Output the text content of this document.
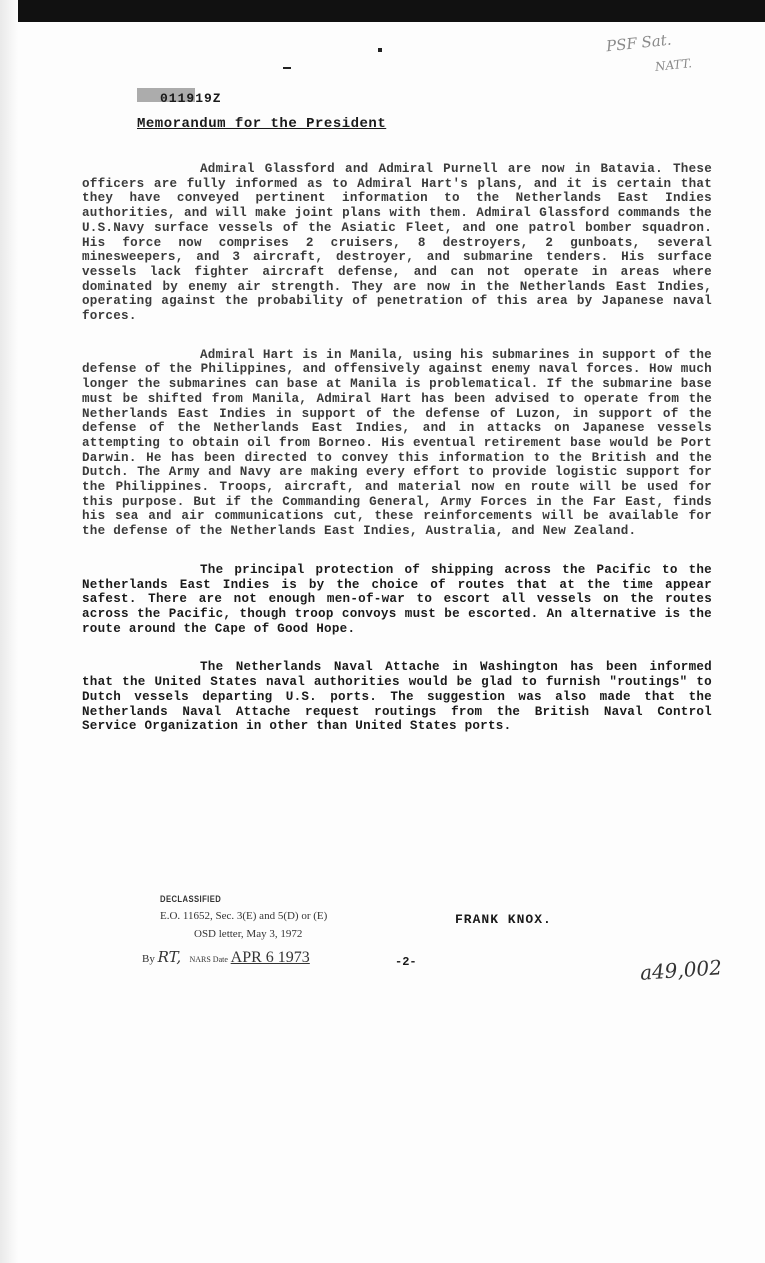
PSF Sat.
NATT.
011919Z
Memorandum for the President

Admiral Glassford and Admiral Purnell are now in Batavia. These officers are fully informed as to Admiral Hart's plans, and it is certain that they have conveyed pertinent information to the Netherlands East Indies authorities, and will make joint plans with them. Admiral Glassford commands the U.S.Navy surface vessels of the Asiatic Fleet, and one patrol bomber squadron. His force now comprises 2 cruisers, 8 destroyers, 2 gunboats, several minesweepers, and 3 aircraft, destroyer, and submarine tenders. His surface vessels lack fighter aircraft defense, and can not operate in areas where dominated by enemy air strength. They are now in the Netherlands East Indies, operating against the probability of penetration of this area by Japanese naval forces.

Admiral Hart is in Manila, using his submarines in support of the defense of the Philippines, and offensively against enemy naval forces. How much longer the submarines can base at Manila is problematical. If the submarine base must be shifted from Manila, Admiral Hart has been advised to operate from the Netherlands East Indies in support of the defense of Luzon, in support of the defense of the Netherlands East Indies, and in attacks on Japanese vessels attempting to obtain oil from Borneo. His eventual retirement base would be Port Darwin. He has been directed to convey this information to the British and the Dutch. The Army and Navy are making every effort to provide logistic support for the Philippines. Troops, aircraft, and material now en route will be used for this purpose. But if the Commanding General, Army Forces in the Far East, finds his sea and air communications cut, these reinforcements will be available for the defense of the Netherlands East Indies, Australia, and New Zealand.

The principal protection of shipping across the Pacific to the Netherlands East Indies is by the choice of routes that at the time appear safest. There are not enough men-of-war to escort all vessels on the routes across the Pacific, though troop convoys must be escorted. An alternative is the route around the Cape of Good Hope.

The Netherlands Naval Attache in Washington has been informed that the United States naval authorities would be glad to furnish "routings" to Dutch vessels departing U.S. ports. The suggestion was also made that the Netherlands Naval Attache request routings from the British Naval Control Service Organization in other than United States ports.

DECLASSIFIED
E.O. 11652, Sec. 3(E) and 5(D) or (E)
OSD letter, May 3, 1972
By RT, NARS Date APR 6 1973
FRANK KNOX.
-2-	a49,002
